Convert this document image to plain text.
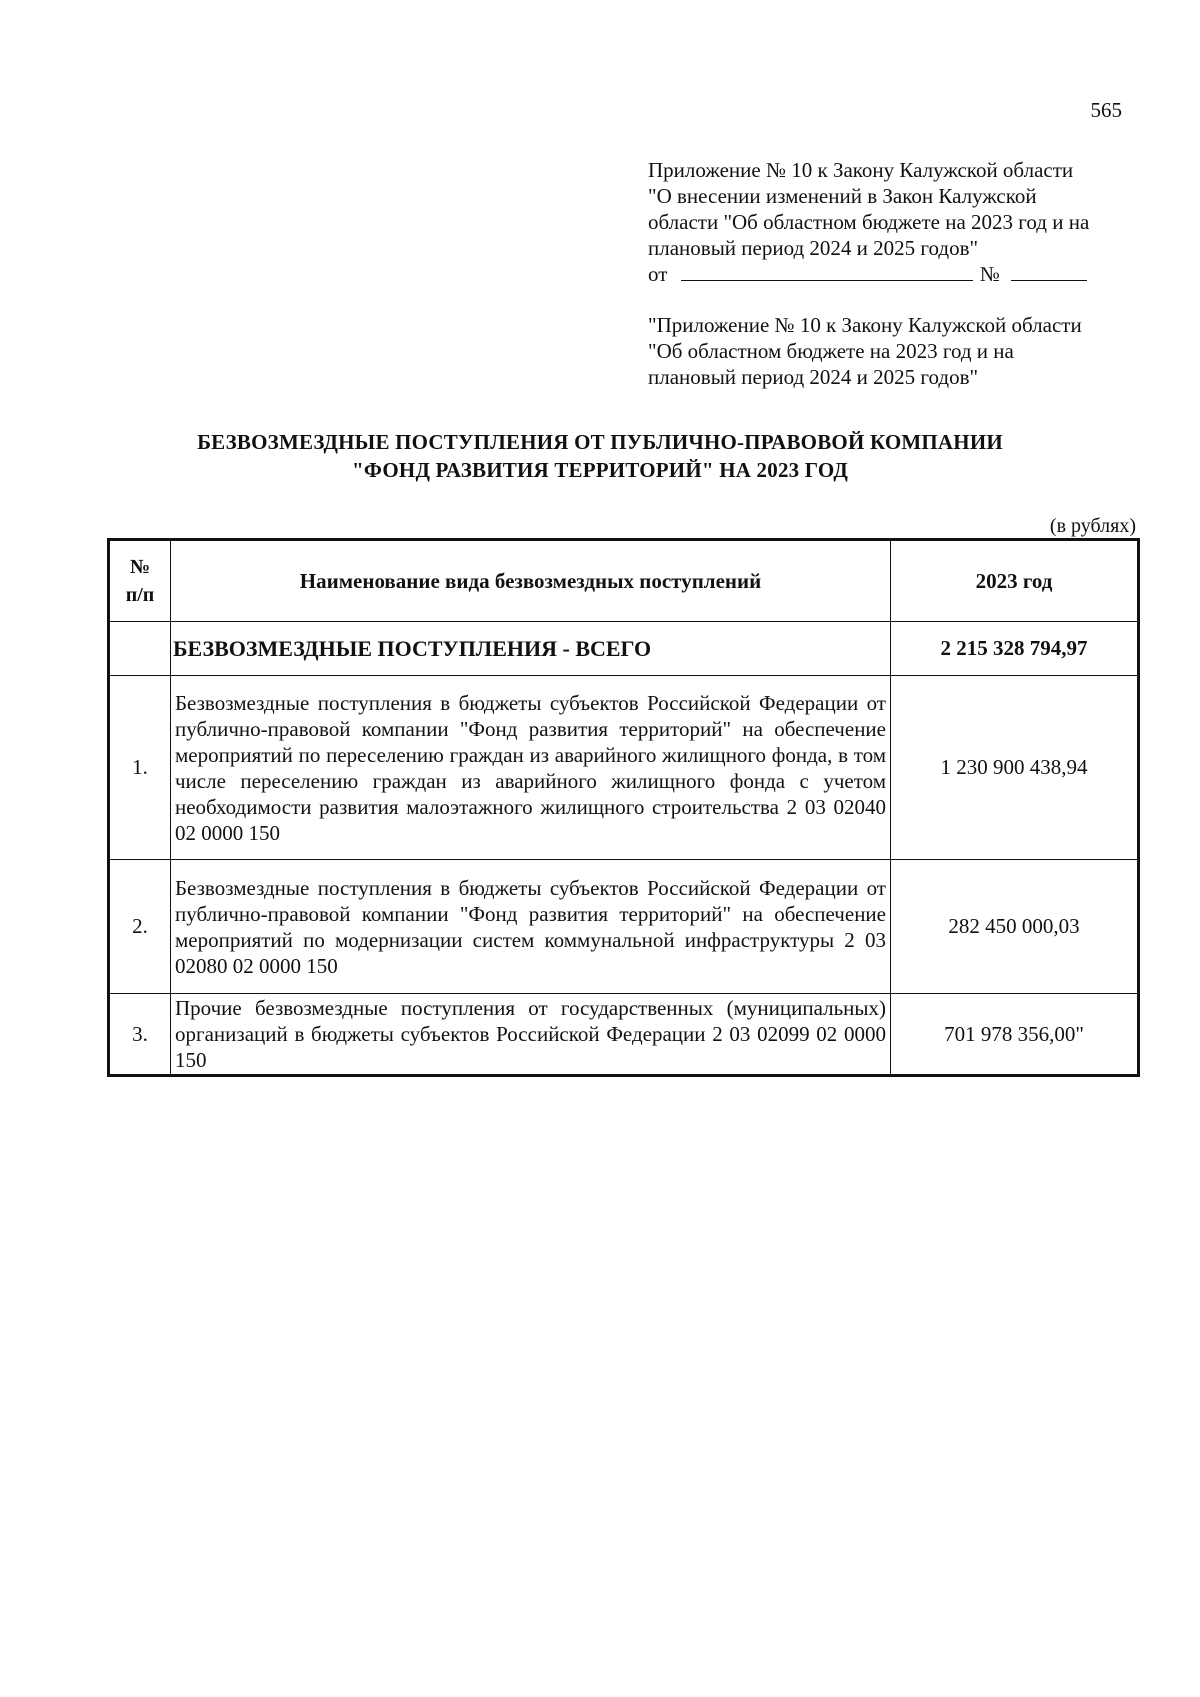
565
Приложение № 10 к Закону Калужской области
"О внесении изменений в Закон Калужской
области "Об областном бюджете на 2023 год и на
плановый период 2024 и 2025 годов"
от	№
"Приложение № 10 к Закону Калужской области
"Об областном бюджете на 2023 год и на
плановый период 2024 и 2025 годов"
БЕЗВОЗМЕЗДНЫЕ ПОСТУПЛЕНИЯ ОТ ПУБЛИЧНО-ПРАВОВОЙ КОМПАНИИ
"ФОНД РАЗВИТИЯ ТЕРРИТОРИЙ" НА 2023 ГОД
(в рублях)
№
п/п	Наименование вида безвозмездных поступлений	2023 год
	БЕЗВОЗМЕЗДНЫЕ ПОСТУПЛЕНИЯ - ВСЕГО	2 215 328 794,97
1.	Безвозмездные поступления в бюджеты субъектов Российской Федерации от публично-правовой компании "Фонд развития территорий" на обеспечение мероприятий по переселению граждан из аварийного жилищного фонда, в том числе переселению граждан из аварийного жилищного фонда с учетом необходимости развития малоэтажного жилищного строительства 2 03 02040 02 0000 150	1 230 900 438,94
2.	Безвозмездные поступления в бюджеты субъектов Российской Федерации от публично-правовой компании "Фонд развития территорий" на обеспечение мероприятий по модернизации систем коммунальной инфраструктуры 2 03 02080 02 0000 150	282 450 000,03
3.	Прочие безвозмездные поступления от государственных (муниципальных) организаций в бюджеты субъектов Российской Федерации 2 03 02099 02 0000 150	701 978 356,00"
